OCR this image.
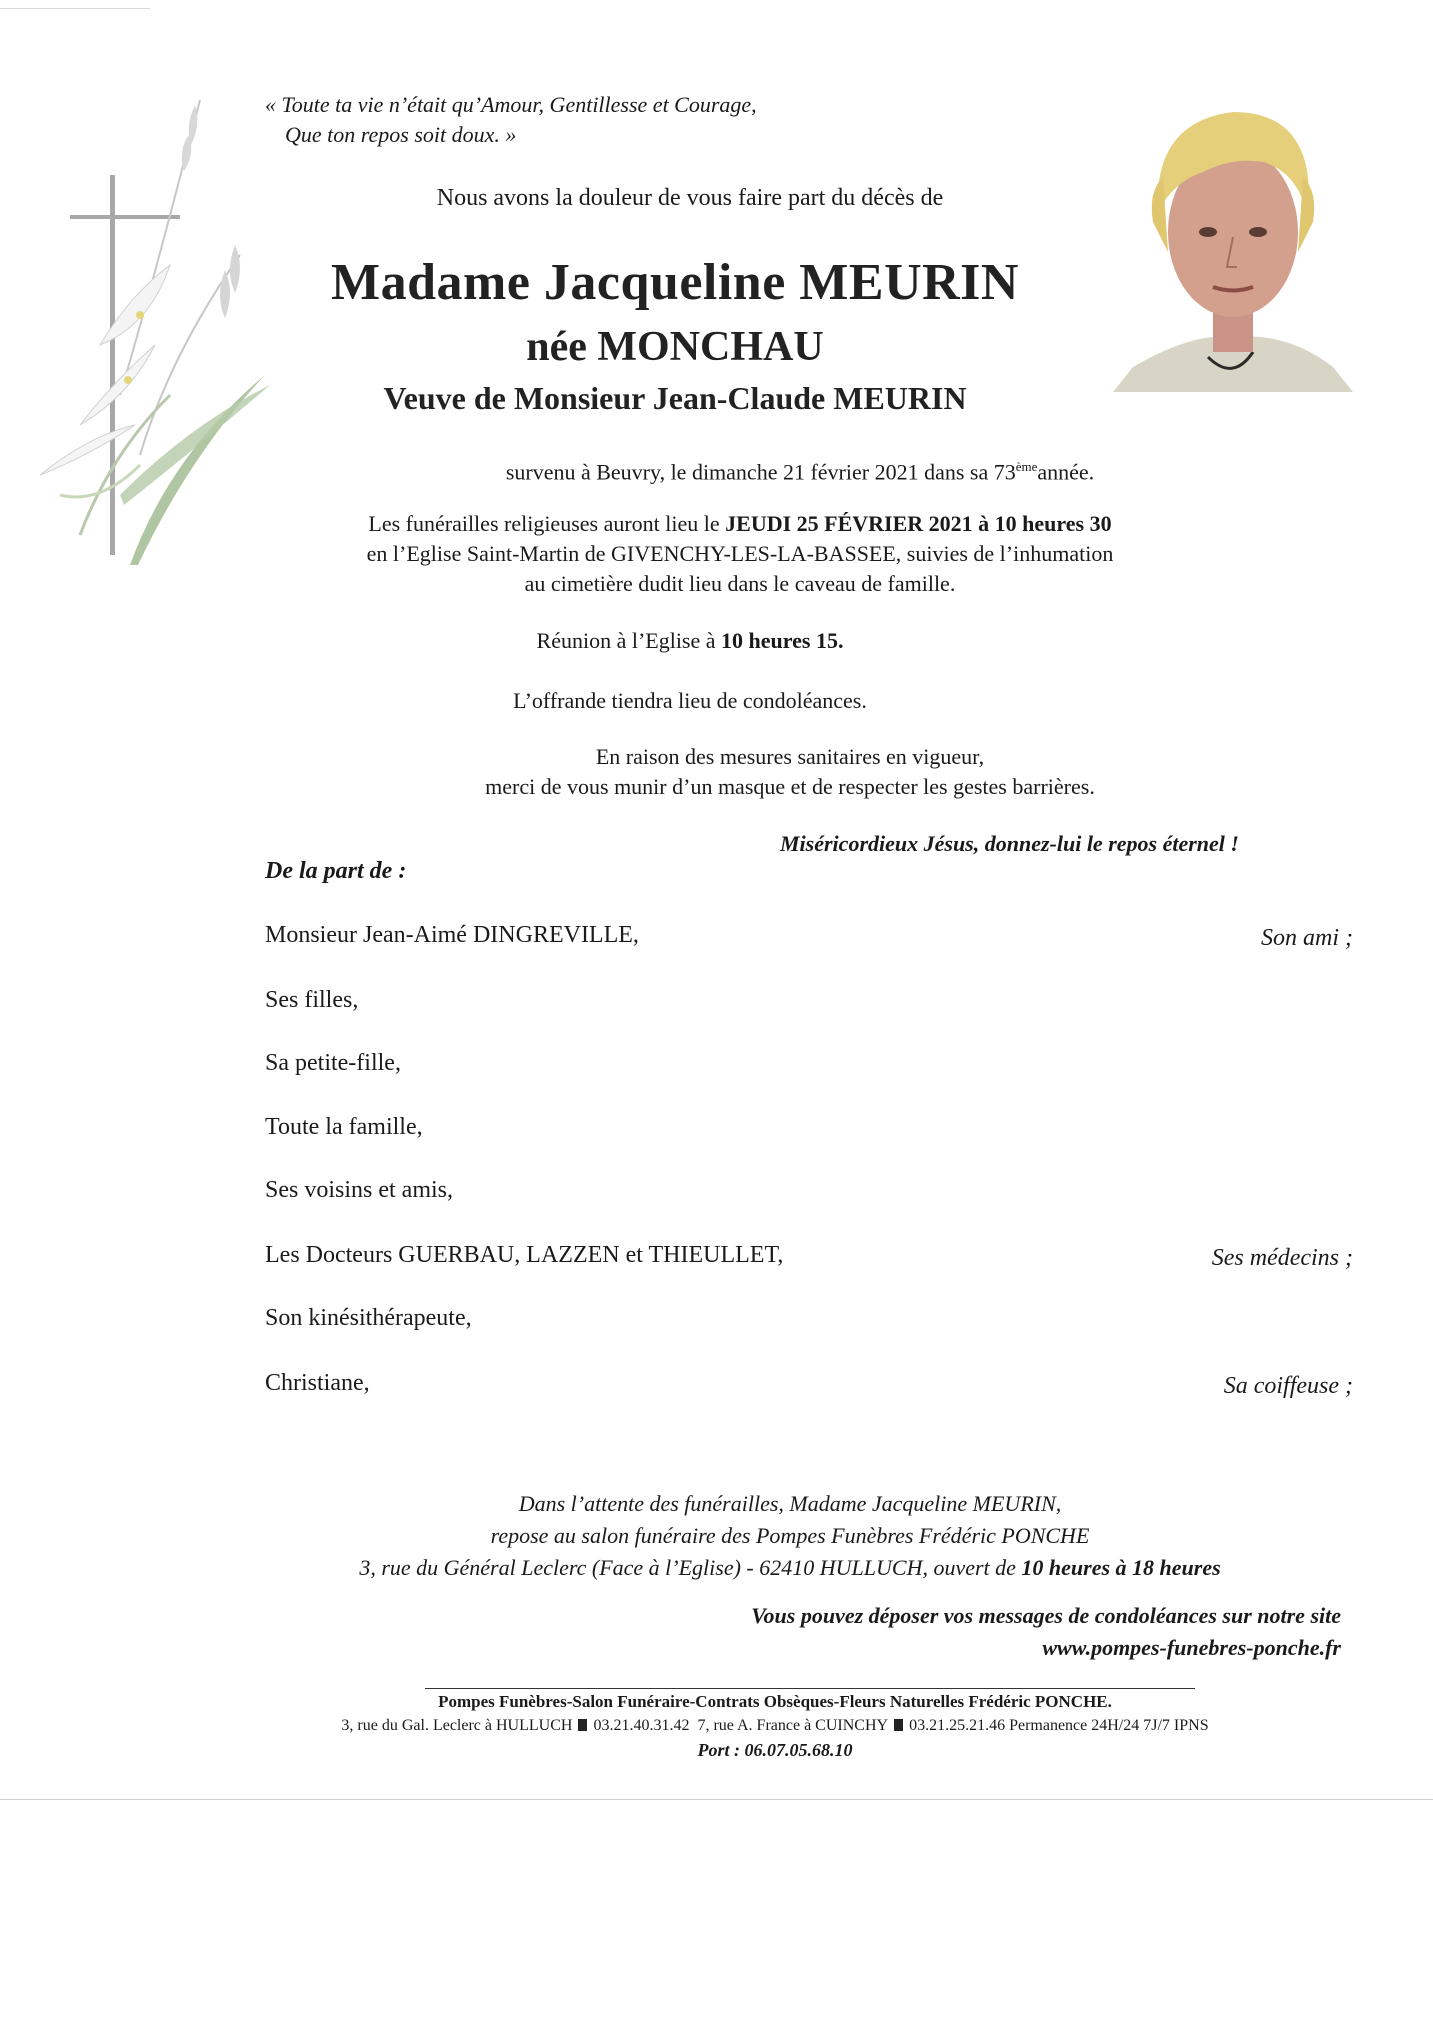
« Toute ta vie n’était qu’Amour, Gentillesse et Courage,
Que ton repos soit doux. »
Nous avons la douleur de vous faire part du décès de
Madame Jacqueline MEURIN
née MONCHAU
Veuve de Monsieur Jean-Claude MEURIN
survenu à Beuvry, le dimanche 21 février 2021 dans sa 73èmeannée.
Les funérailles religieuses auront lieu le JEUDI 25 FÉVRIER 2021 à 10 heures 30
en l’Eglise Saint-Martin de GIVENCHY-LES-LA-BASSEE, suivies de l’inhumation
au cimetière dudit lieu dans le caveau de famille.
Réunion à l’Eglise à 10 heures 15.
L’offrande tiendra lieu de condoléances.
En raison des mesures sanitaires en vigueur,
merci de vous munir d’un masque et de respecter les gestes barrières.
Miséricordieux Jésus, donnez-lui le repos éternel !
De la part de :
Monsieur Jean-Aimé DINGREVILLE,	Son ami ;
Ses filles,
Sa petite-fille,
Toute la famille,
Ses voisins et amis,
Les Docteurs GUERBAU, LAZZEN et THIEULLET,	Ses médecins ;
Son kinésithérapeute,
Christiane,	Sa coiffeuse ;
Dans l’attente des funérailles, Madame Jacqueline MEURIN,
repose au salon funéraire des Pompes Funèbres Frédéric PONCHE
3, rue du Général Leclerc (Face à l’Eglise) - 62410 HULLUCH, ouvert de 10 heures à 18 heures
Vous pouvez déposer vos messages de condoléances sur notre site
www.pompes-funebres-ponche.fr
Pompes Funèbres-Salon Funéraire-Contrats Obsèques-Fleurs Naturelles Frédéric PONCHE.
3, rue du Gal. Leclerc à HULLUCH 03.21.40.31.42 7, rue A. France à CUINCHY 03.21.25.21.46 Permanence 24H/24 7J/7 IPNS
Port : 06.07.05.68.10
